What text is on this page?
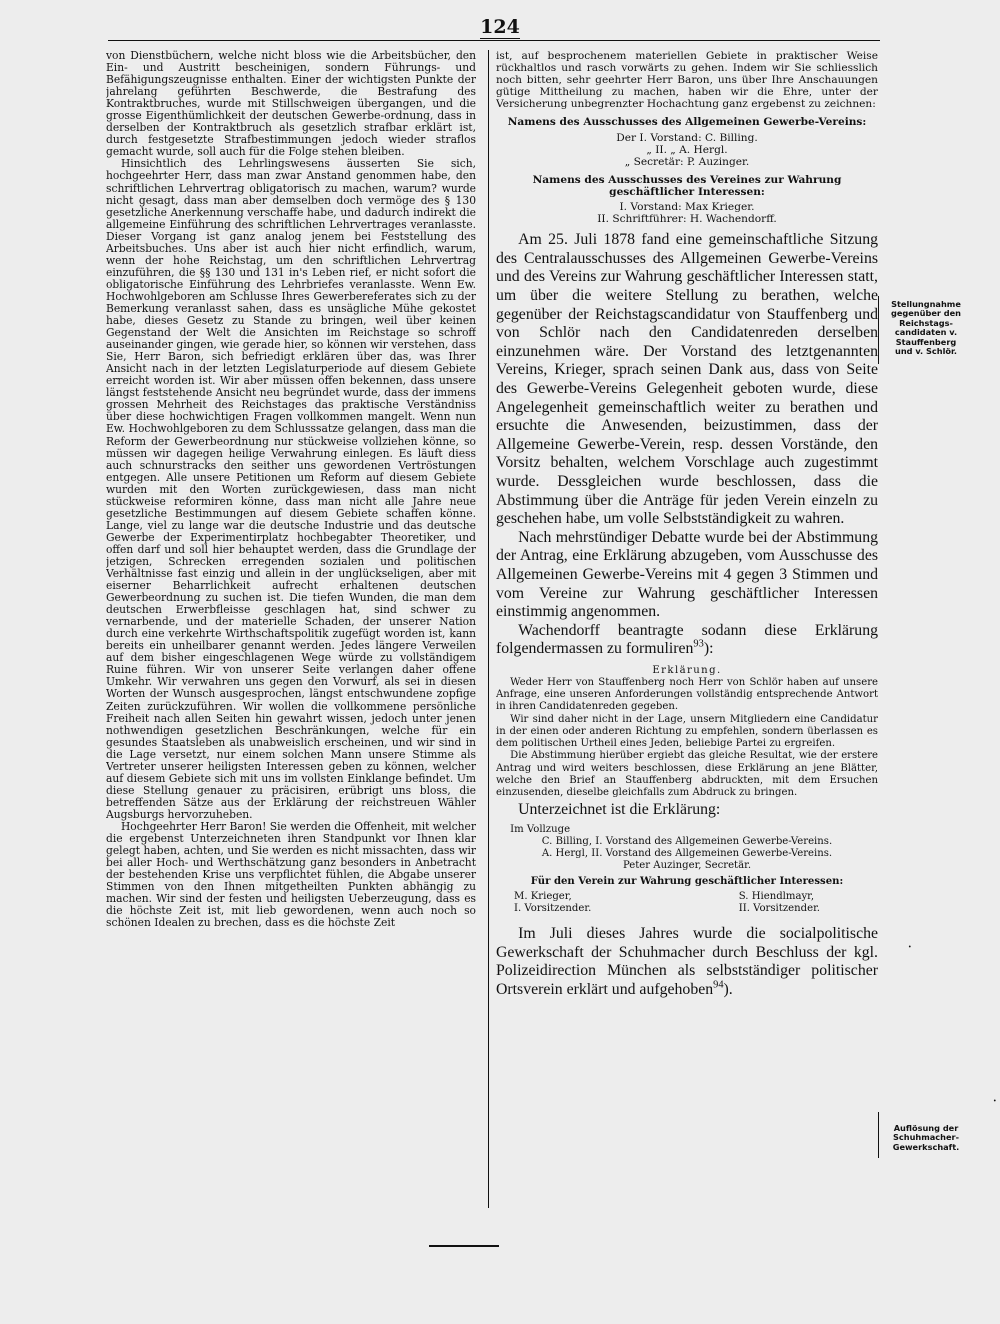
124

von Dienstbüchern, welche nicht bloss wie die Arbeitsbücher, den Ein- und Austritt bescheinigen, sondern Führungs- und Befähigungszeugnisse enthalten. Einer der wichtigsten Punkte der jahrelang geführten Beschwerde, die Bestrafung des Kontraktbruches, wurde mit Stillschweigen übergangen, und die grosse Eigenthümlichkeit der deutschen Gewerbe-ordnung, dass in derselben der Kontraktbruch als gesetzlich strafbar erklärt ist, durch festgesetzte Strafbestimmungen jedoch wieder straflos gemacht wurde, soll auch für die Folge stehen bleiben.

Hinsichtlich des Lehrlingswesens äusserten Sie sich, hochgeehrter Herr, dass man zwar Anstand genommen habe, den schriftlichen Lehrvertrag obligatorisch zu machen, warum? wurde nicht gesagt, dass man aber demselben doch vermöge des § 130 gesetzliche Anerkennung verschaffe habe, und dadurch indirekt die allgemeine Einführung des schriftlichen Lehrvertrages veranlasste. Dieser Vorgang ist ganz analog jenem bei Feststellung des Arbeitsbuches. Uns aber ist auch hier nicht erfindlich, warum, wenn der hohe Reichstag, um den schriftlichen Lehrvertrag einzuführen, die §§ 130 und 131 in's Leben rief, er nicht sofort die obligatorische Einführung des Lehrbriefes veranlasste. Wenn Ew. Hochwohlgeboren am Schlusse Ihres Gewerbereferates sich zu der Bemerkung veranlasst sahen, dass es unsägliche Mühe gekostet habe, dieses Gesetz zu Stande zu bringen, weil über keinen Gegenstand der Welt die Ansichten im Reichstage so schroff auseinander gingen, wie gerade hier, so können wir verstehen, dass Sie, Herr Baron, sich befriedigt erklären über das, was Ihrer Ansicht nach in der letzten Legislaturperiode auf diesem Gebiete erreicht worden ist. Wir aber müssen offen bekennen, dass unsere längst feststehende Ansicht neu begründet wurde, dass der immens grossen Mehrheit des Reichstages das praktische Verständniss über diese hochwichtigen Fragen vollkommen mangelt. Wenn nun Ew. Hochwohlgeboren zu dem Schlusssatze gelangen, dass man die Reform der Gewerbeordnung nur stückweise vollziehen könne, so müssen wir dagegen heilige Verwahrung einlegen. Es läuft diess auch schnurstracks den seither uns gewordenen Vertröstungen entgegen. Alle unsere Petitionen um Reform auf diesem Gebiete wurden mit den Worten zurückgewiesen, dass man nicht stückweise reformiren könne, dass man nicht alle Jahre neue gesetzliche Bestimmungen auf diesem Gebiete schaffen könne. Lange, viel zu lange war die deutsche Industrie und das deutsche Gewerbe der Experimentirplatz hochbegabter Theoretiker, und offen darf und soll hier behauptet werden, dass die Grundlage der jetzigen, Schrecken erregenden sozialen und politischen Verhältnisse fast einzig und allein in der unglückseligen, aber mit eiserner Beharrlichkeit aufrecht erhaltenen deutschen Gewerbeordnung zu suchen ist. Die tiefen Wunden, die man dem deutschen Erwerbfleisse geschlagen hat, sind schwer zu vernarbende, und der materielle Schaden, der unserer Nation durch eine verkehrte Wirthschaftspolitik zugefügt worden ist, kann bereits ein unheilbarer genannt werden. Jedes längere Verweilen auf dem bisher eingeschlagenen Wege würde zu vollständigem Ruine führen. Wir von unserer Seite verlangen daher offene Umkehr. Wir verwahren uns gegen den Vorwurf, als sei in diesen Worten der Wunsch ausgesprochen, längst entschwundene zopfige Zeiten zurückzuführen. Wir wollen die vollkommene persönliche Freiheit nach allen Seiten hin gewahrt wissen, jedoch unter jenen nothwendigen gesetzlichen Beschränkungen, welche für ein gesundes Staatsleben als unabweislich erscheinen, und wir sind in die Lage versetzt, nur einem solchen Mann unsere Stimme als Vertreter unserer heiligsten Interessen geben zu können, welcher auf diesem Gebiete sich mit uns im vollsten Einklange befindet. Um diese Stellung genauer zu präcisiren, erübrigt uns bloss, die betreffenden Sätze aus der Erklärung der reichstreuen Wähler Augsburgs hervorzuheben.

Hochgeehrter Herr Baron! Sie werden die Offenheit, mit welcher die ergebenst Unterzeichneten ihren Standpunkt vor Ihnen klar gelegt haben, achten, und Sie werden es nicht missachten, dass wir bei aller Hoch- und Werthschätzung ganz besonders in Anbetracht der bestehenden Krise uns verpflichtet fühlen, die Abgabe unserer Stimmen von den Ihnen mitgetheilten Punkten abhängig zu machen. Wir sind der festen und heiligsten Ueberzeugung, dass es die höchste Zeit ist, mit lieb gewordenen, wenn auch noch so schönen Idealen zu brechen, dass es die höchste Zeit

ist, auf besprochenem materiellen Gebiete in praktischer Weise rückhaltlos und rasch vorwärts zu gehen. Indem wir Sie schliesslich noch bitten, sehr geehrter Herr Baron, uns über Ihre Anschauungen gütige Mittheilung zu machen, haben wir die Ehre, unter der Versicherung unbegrenzter Hochachtung ganz ergebenst zu zeichnen:

Namens des Ausschusses des Allgemeinen Gewerbe-Vereins:

Der I. Vorstand: C. Billing.

„ II. „ A. Hergl.

„ Secretär: P. Auzinger.

Namens des Ausschusses des Vereines zur Wahrung geschäftlicher Interessen:

I. Vorstand: Max Krieger.

II. Schriftführer: H. Wachendorff.

Am 25. Juli 1878 fand eine gemeinschaftliche Sitzung des Centralausschusses des Allgemeinen Gewerbe-Vereins und des Vereins zur Wahrung geschäftlicher Interessen statt, um über die weitere Stellung zu berathen, welche gegenüber der Reichstagscandidatur von Stauffenberg und von Schlör nach den Candidatenreden derselben einzunehmen wäre. Der Vorstand des letztgenannten Vereins, Krieger, sprach seinen Dank aus, dass von Seite des Gewerbe-Vereins Gelegenheit geboten wurde, diese Angelegenheit gemeinschaftlich weiter zu berathen und ersuchte die Anwesenden, beizustimmen, dass der Allgemeine Gewerbe-Verein, resp. dessen Vorstände, den Vorsitz behalten, welchem Vorschlage auch zugestimmt wurde. Dessgleichen wurde beschlossen, dass die Abstimmung über die Anträge für jeden Verein einzeln zu geschehen habe, um volle Selbstständigkeit zu wahren.

Nach mehrstündiger Debatte wurde bei der Abstimmung der Antrag, eine Erklärung abzugeben, vom Ausschusse des Allgemeinen Gewerbe-Vereins mit 4 gegen 3 Stimmen und vom Vereine zur Wahrung geschäftlicher Interessen einstimmig angenommen.

Wachendorff beantragte sodann diese Erklärung folgendermassen zu formuliren$^{93}$):

Erklärung.

Weder Herr von Stauffenberg noch Herr von Schlör haben auf unsere Anfrage, eine unseren Anforderungen vollständig entsprechende Antwort in ihren Candidatenreden gegeben.

Wir sind daher nicht in der Lage, unsern Mitgliedern eine Candidatur in der einen oder anderen Richtung zu empfehlen, sondern überlassen es dem politischen Urtheil eines Jeden, beliebige Partei zu ergreifen.

Die Abstimmung hierüber ergiebt das gleiche Resultat, wie der erstere Antrag und wird weiters beschlossen, diese Erklärung an jene Blätter, welche den Brief an Stauffenberg abdruckten, mit dem Ersuchen einzusenden, dieselbe gleichfalls zum Abdruck zu bringen.

Unterzeichnet ist die Erklärung:

Im Vollzuge

C. Billing, I. Vorstand des Allgemeinen Gewerbe-Vereins.

A. Hergl, II. Vorstand des Allgemeinen Gewerbe-Vereins.

Peter Auzinger, Secretär.

Für den Verein zur Wahrung geschäftlicher Interessen:

M. Krieger,
I. Vorsitzender.
S. Hiendlmayr,
II. Vorsitzender.

Im Juli dieses Jahres wurde die socialpolitische Gewerkschaft der Schuhmacher durch Beschluss der kgl. Polizeidirection München als selbstständiger politischer Ortsverein erklärt und aufgehoben$^{94}$).

Stellungnahme gegenüber den Reichstags-candidaten v. Stauffenberg und v. Schlör.
Auflösung der Schuhmacher-Gewerkschaft.
•
•
